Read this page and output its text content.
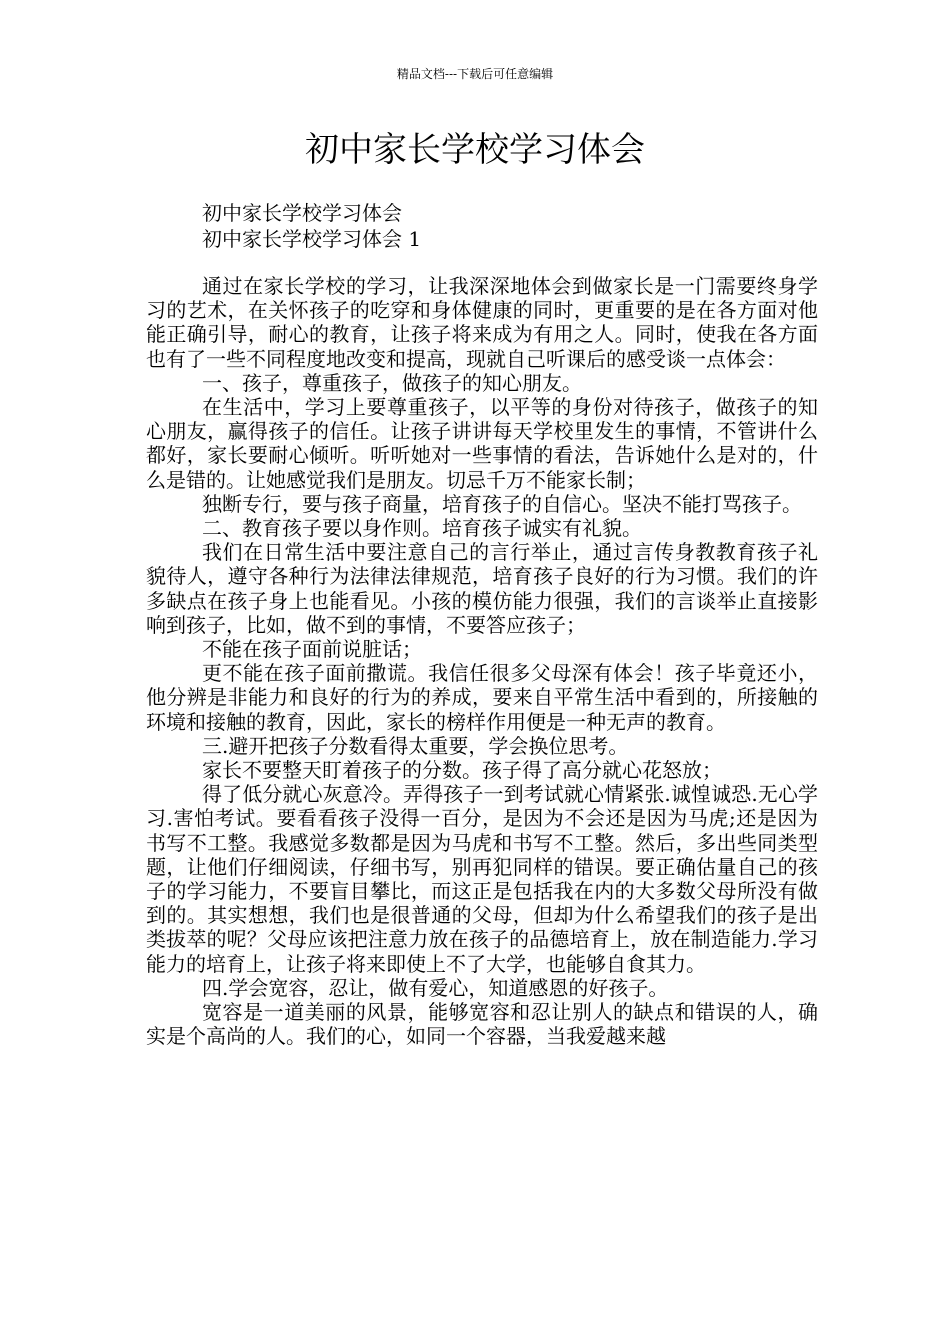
精品文档---下载后可任意编辑
初中家长学校学习体会
初中家长学校学习体会
初中家长学校学习体会 1

通过在家长学校的学习，让我深深地体会到做家长是一门需要终身学习的艺术，在关怀孩子的吃穿和身体健康的同时，更重要的是在各方面对他能正确引导，耐心的教育，让孩子将来成为有用之人。同时，使我在各方面也有了一些不同程度地改变和提高，现就自己听课后的感受谈一点体会：

一、孩子，尊重孩子，做孩子的知心朋友。

在生活中，学习上要尊重孩子，以平等的身份对待孩子，做孩子的知心朋友，赢得孩子的信任。让孩子讲讲每天学校里发生的事情，不管讲什么都好，家长要耐心倾听。听听她对一些事情的看法，告诉她什么是对的，什么是错的。让她感觉我们是朋友。切忌千万不能家长制；

独断专行，要与孩子商量，培育孩子的自信心。坚决不能打骂孩子。

二、教育孩子要以身作则。培育孩子诚实有礼貌。

我们在日常生活中要注意自己的言行举止，通过言传身教教育孩子礼貌待人，遵守各种行为法律法律规范，培育孩子良好的行为习惯。我们的许多缺点在孩子身上也能看见。小孩的模仿能力很强，我们的言谈举止直接影响到孩子，比如，做不到的事情，不要答应孩子；

不能在孩子面前说脏话；

更不能在孩子面前撒谎。我信任很多父母深有体会！孩子毕竟还小，他分辨是非能力和良好的行为的养成，要来自平常生活中看到的，所接触的环境和接触的教育，因此，家长的榜样作用便是一种无声的教育。

三.避开把孩子分数看得太重要，学会换位思考。

家长不要整天盯着孩子的分数。孩子得了高分就心花怒放；

得了低分就心灰意冷。弄得孩子一到考试就心情紧张.诚惶诚恐.无心学习.害怕考试。要看看孩子没得一百分，是因为不会还是因为马虎;还是因为书写不工整。我感觉多数都是因为马虎和书写不工整。然后，多出些同类型题，让他们仔细阅读，仔细书写，别再犯同样的错误。要正确估量自己的孩子的学习能力，不要盲目攀比，而这正是包括我在内的大多数父母所没有做到的。其实想想，我们也是很普通的父母，但却为什么希望我们的孩子是出类拔萃的呢？父母应该把注意力放在孩子的品德培育上，放在制造能力.学习能力的培育上，让孩子将来即使上不了大学，也能够自食其力。

四.学会宽容，忍让，做有爱心，知道感恩的好孩子。

宽容是一道美丽的风景，能够宽容和忍让别人的缺点和错误的人，确实是个高尚的人。我们的心，如同一个容器，当我爱越来越
